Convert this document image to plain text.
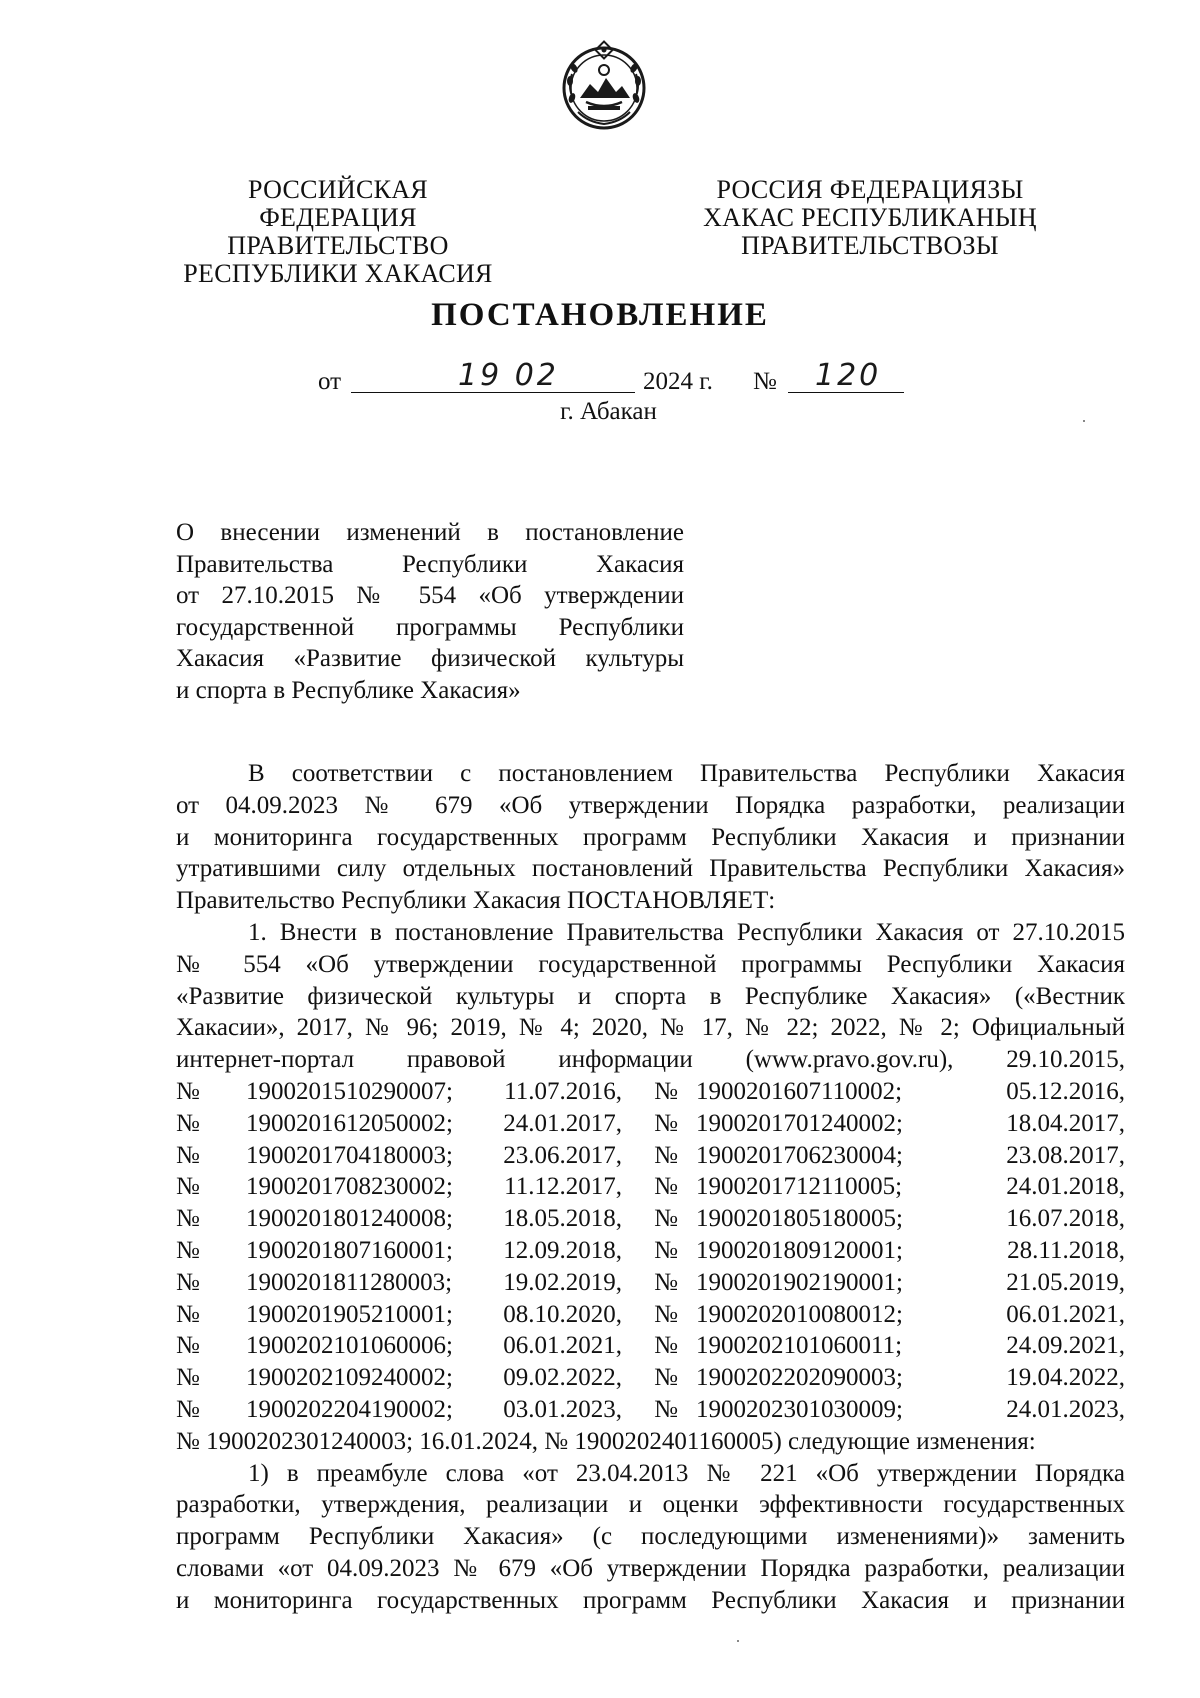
РОССИЙСКАЯ ФЕДЕРАЦИЯ
ПРАВИТЕЛЬСТВО
РЕСПУБЛИКИ ХАКАСИЯ
РОССИЯ ФЕДЕРАЦИЯЗЫ
ХАКАС РЕСПУБЛИКАНЫҢ
ПРАВИТЕЛЬСТВОЗЫ
ПОСТАНОВЛЕНИЕ
от	19 02	2024 г. № 120
г. Абакан
О внесении изменений в постановление
Правительства Республики Хакасия
от 27.10.2015 № 554 «Об утверждении
государственной программы Республики
Хакасия «Развитие физической культуры
и спорта в Республике Хакасия»
В соответствии с постановлением Правительства Республики Хакасия
от 04.09.2023 № 679 «Об утверждении Порядка разработки, реализации
и мониторинга государственных программ Республики Хакасия и признании
утратившими силу отдельных постановлений Правительства Республики Хакасия»
Правительство Республики Хакасия ПОСТАНОВЛЯЕТ:
1. Внести в постановление Правительства Республики Хакасия от 27.10.2015
№ 554 «Об утверждении государственной программы Республики Хакасия
«Развитие физической культуры и спорта в Республике Хакасия» («Вестник
Хакасии», 2017, № 96; 2019, № 4; 2020, № 17, № 22; 2022, № 2; Официальный
интернет-портал правовой информации (www.pravo.gov.ru), 29.10.2015,
№	1900201510290007;	11.07.2016,	№ 1900201607110002;	05.12.2016,
№	1900201612050002;	24.01.2017,	№ 1900201701240002;	18.04.2017,
№	1900201704180003;	23.06.2017,	№ 1900201706230004;	23.08.2017,
№	1900201708230002;	11.12.2017,	№ 1900201712110005;	24.01.2018,
№	1900201801240008;	18.05.2018,	№ 1900201805180005;	16.07.2018,
№	1900201807160001;	12.09.2018,	№ 1900201809120001;	28.11.2018,
№	1900201811280003;	19.02.2019,	№ 1900201902190001;	21.05.2019,
№	1900201905210001;	08.10.2020,	№ 1900202010080012;	06.01.2021,
№	1900202101060006;	06.01.2021,	№ 1900202101060011;	24.09.2021,
№	1900202109240002;	09.02.2022,	№ 1900202202090003;	19.04.2022,
№	1900202204190002;	03.01.2023,	№ 1900202301030009;	24.01.2023,
№ 1900202301240003; 16.01.2024, № 1900202401160005) следующие изменения:
1) в преамбуле слова «от 23.04.2013 № 221 «Об утверждении Порядка
разработки, утверждения, реализации и оценки эффективности государственных
программ Республики Хакасия» (с последующими изменениями)» заменить
словами «от 04.09.2023 № 679 «Об утверждении Порядка разработки, реализации
и мониторинга государственных программ Республики Хакасия и признании
